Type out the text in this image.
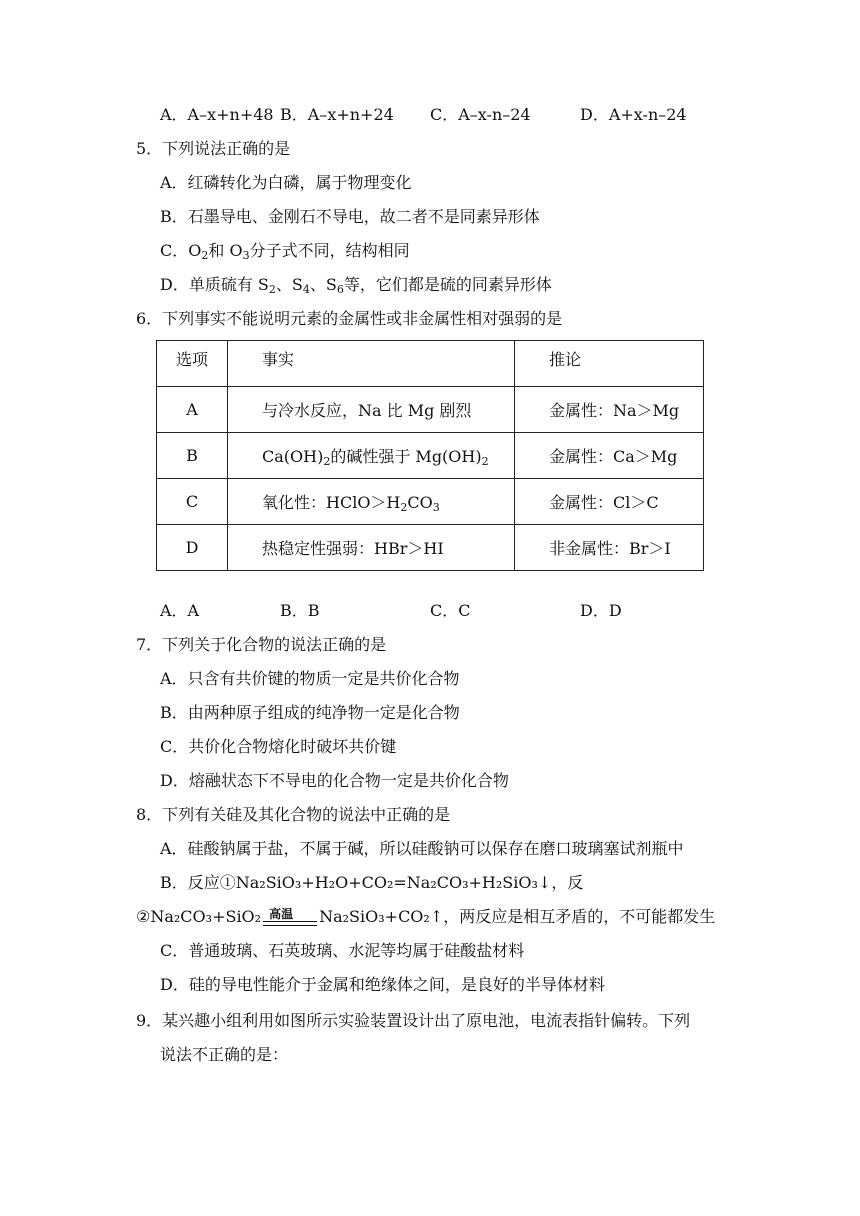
A．A–x+n+48 B．A–x+n+24 C．A–x-n–24	D．A+x-n–24
5．下列说法正确的是
A．红磷转化为白磷，属于物理变化
B．石墨导电、金刚石不导电，故二者不是同素异形体
C．$O_2$和 $O_3$分子式不同，结构相同
D．单质硫有 $S_2$、$S_4$、$S_6$等，它们都是硫的同素异形体
6．下列事实不能说明元素的金属性或非金属性相对强弱的是
选项	事实	推论
A	与冷水反应，Na 比 Mg 剧烈	金属性：Na＞Mg
B	$Ca(OH)_2$的碱性强于 $Mg(OH)_2$	金属性：Ca＞Mg
C	氧化性：$HClO>H_2CO_3$	金属性：Cl＞C
D	热稳定性强弱：HBr＞HI	非金属性：Br＞I
A．A	B．B	C．C	D．D
7．下列关于化合物的说法正确的是
A．只含有共价键的物质一定是共价化合物
B．由两种原子组成的纯净物一定是化合物
C．共价化合物熔化时破坏共价键
D．熔融状态下不导电的化合物一定是共价化合物
8．下列有关硅及其化合物的说法中正确的是
A．硅酸钠属于盐，不属于碱，所以硅酸钠可以保存在磨口玻璃塞试剂瓶中
B．反应①Na₂SiO₃+H₂O+CO₂=Na₂CO₃+H₂SiO₃↓，反
②Na₂CO₃+SiO₂ 高温 Na₂SiO₃+CO₂↑，两反应是相互矛盾的，不可能都发生
C．普通玻璃、石英玻璃、水泥等均属于硅酸盐材料
D．硅的导电性能介于金属和绝缘体之间，是良好的半导体材料
9．某兴趣小组利用如图所示实验装置设计出了原电池，电流表指针偏转。下列
说法不正确的是：
